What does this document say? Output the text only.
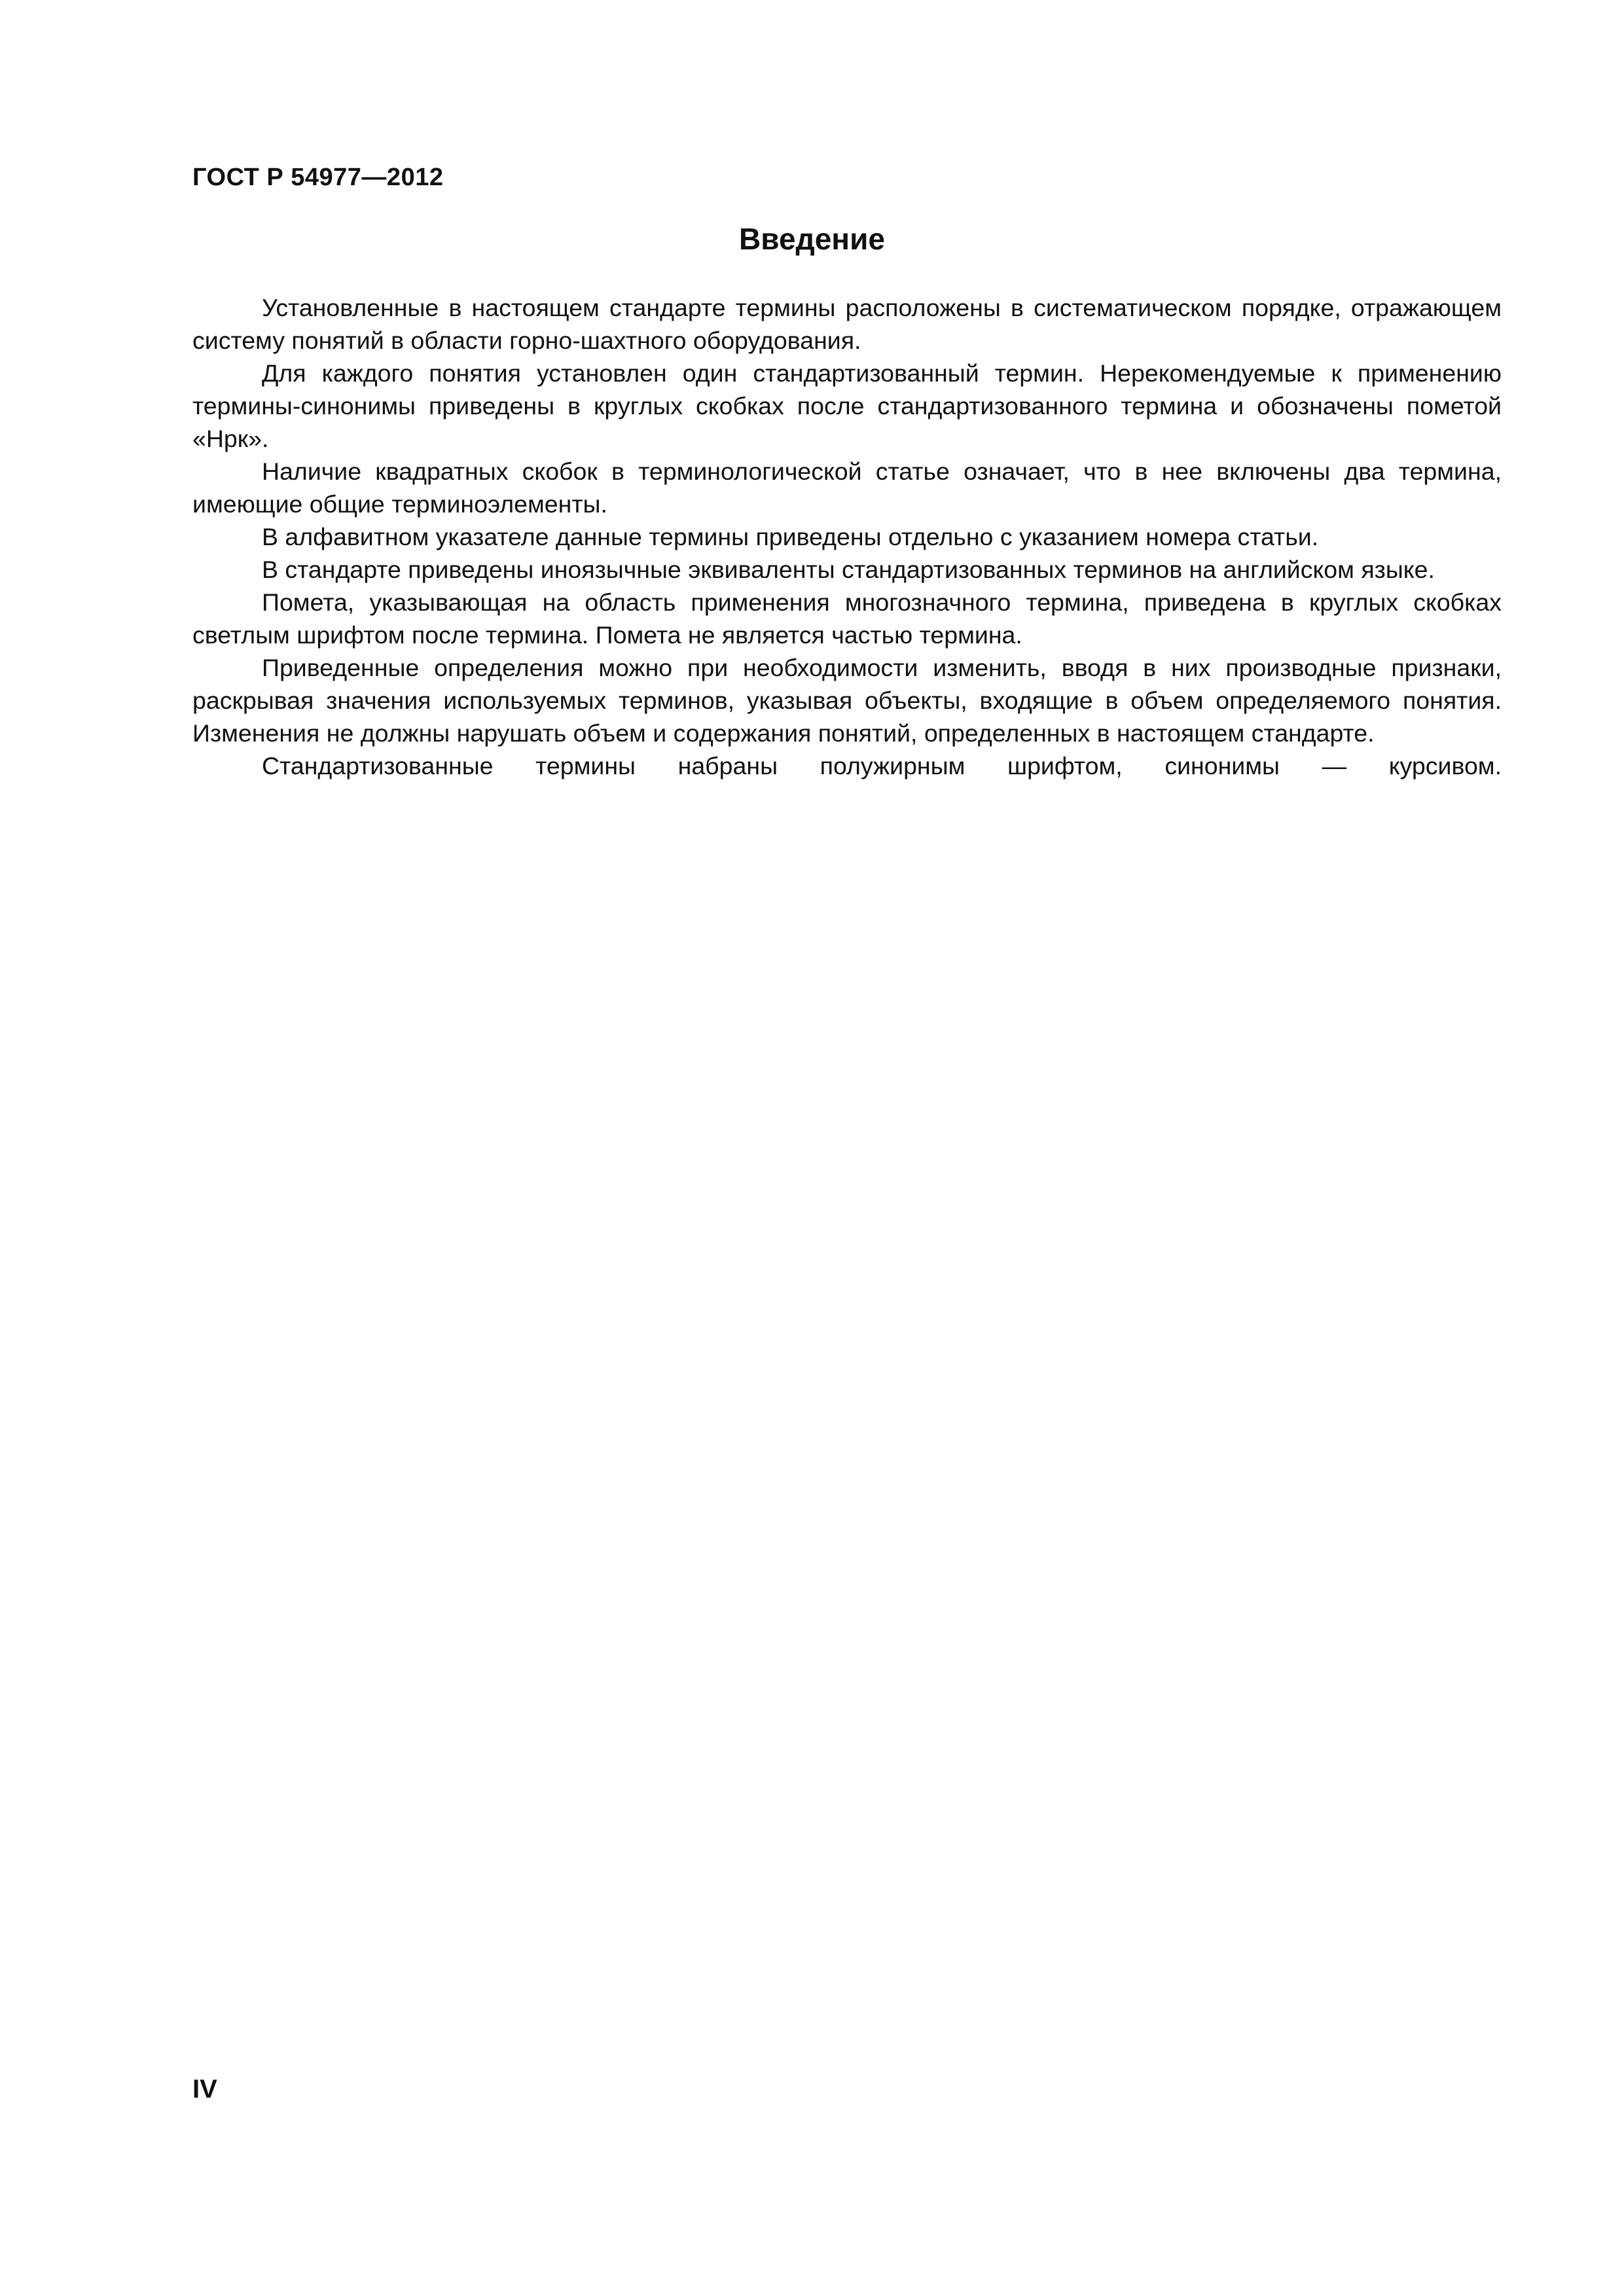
ГОСТ Р 54977—2012
Введение

Установленные в настоящем стандарте термины расположены в систематическом порядке, отражающем систему понятий в области горно-шахтного оборудования.

Для каждого понятия установлен один стандартизованный термин. Нерекомендуемые к применению термины-синонимы приведены в круглых скобках после стандартизованного термина и обозначены пометой «Нрк».

Наличие квадратных скобок в терминологической статье означает, что в нее включены два термина, имеющие общие терминоэлементы.

В алфавитном указателе данные термины приведены отдельно с указанием номера статьи.

В стандарте приведены иноязычные эквиваленты стандартизованных терминов на английском языке.

Помета, указывающая на область применения многозначного термина, приведена в круглых скобках светлым шрифтом после термина. Помета не является частью термина.

Приведенные определения можно при необходимости изменить, вводя в них производные признаки, раскрывая значения используемых терминов, указывая объекты, входящие в объем определяемого понятия. Изменения не должны нарушать объем и содержания понятий, определенных в настоящем стандарте.

Стандартизованные термины набраны полужирным шрифтом, синонимы — курсивом.

IV
